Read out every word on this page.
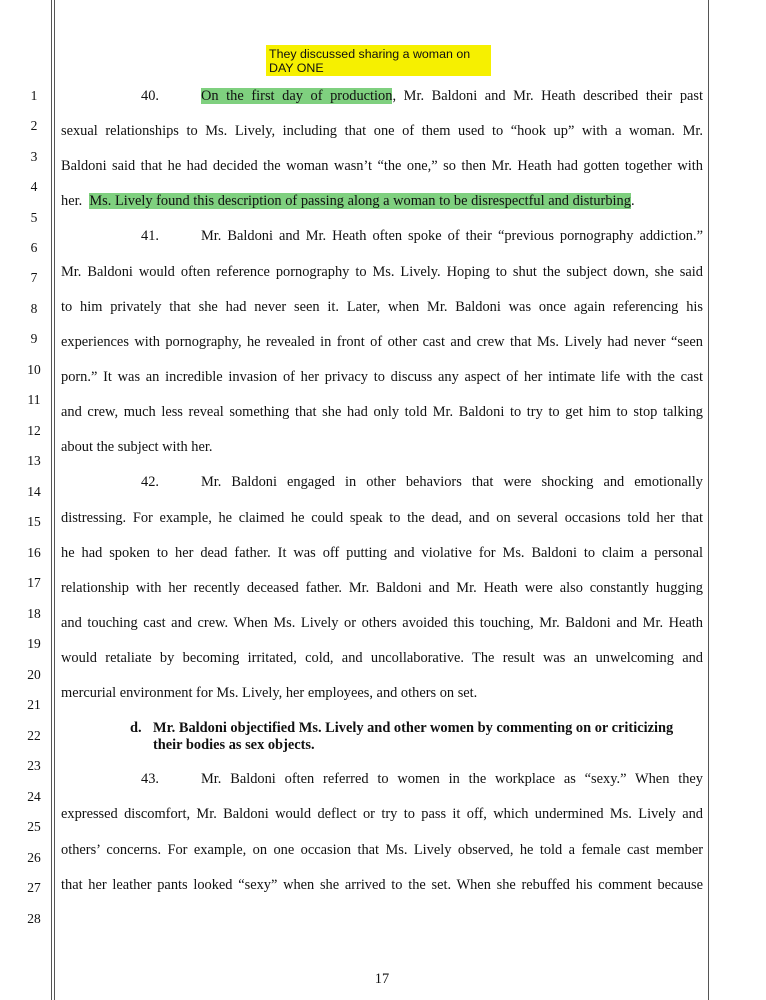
1
2
3
4
5
6
7
8
9
10
11
12
13
14
15
16
17
18
19
20
21
22
23
24
25
26
27
28
They discussed sharing a woman on
DAY ONE
40.	On the first day of production, Mr. Baldoni and Mr. Heath described their past
sexual relationships to Ms. Lively, including that one of them used to “hook up” with a woman. Mr.
Baldoni said that he had decided the woman wasn’t “the one,” so then Mr. Heath had gotten together with
her.  Ms. Lively found this description of passing along a woman to be disrespectful and disturbing.
41.	Mr. Baldoni and Mr. Heath often spoke of their “previous pornography addiction.”
Mr. Baldoni would often reference pornography to Ms. Lively. Hoping to shut the subject down, she said
to him privately that she had never seen it. Later, when Mr. Baldoni was once again referencing his
experiences with pornography, he revealed in front of other cast and crew that Ms. Lively had never “seen
porn.” It was an incredible invasion of her privacy to discuss any aspect of her intimate life with the cast
and crew, much less reveal something that she had only told Mr. Baldoni to try to get him to stop talking
about the subject with her.
42.	Mr. Baldoni engaged in other behaviors that were shocking and emotionally
distressing. For example, he claimed he could speak to the dead, and on several occasions told her that
he had spoken to her dead father. It was off putting and violative for Ms. Baldoni to claim a personal
relationship with her recently deceased father. Mr. Baldoni and Mr. Heath were also constantly hugging
and touching cast and crew. When Ms. Lively or others avoided this touching, Mr. Baldoni and Mr. Heath
would retaliate by becoming irritated, cold, and uncollaborative. The result was an unwelcoming and
mercurial environment for Ms. Lively, her employees, and others on set.
d. Mr. Baldoni objectified Ms. Lively and other women by commenting on or criticizing their bodies as sex objects.
43.	Mr. Baldoni often referred to women in the workplace as “sexy.” When they
expressed discomfort, Mr. Baldoni would deflect or try to pass it off, which undermined Ms. Lively and
others’ concerns. For example, on one occasion that Ms. Lively observed, he told a female cast member
that her leather pants looked “sexy” when she arrived to the set. When she rebuffed his comment because
17
